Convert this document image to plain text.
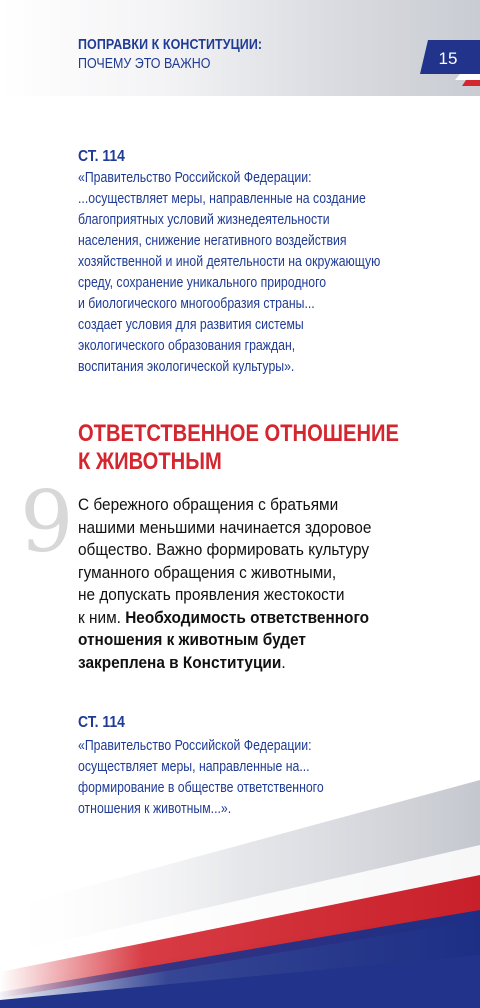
ПОПРАВКИ К КОНСТИТУЦИИ:
ПОЧЕМУ ЭТО ВАЖНО	15
СТ. 114
«Правительство Российской Федерации:
...осуществляет меры, направленные на создание
благоприятных условий жизнедеятельности
населения, снижение негативного воздействия
хозяйственной и иной деятельности на окружающую
среду, сохранение уникального природного
и биологического многообразия страны...
создает условия для развития системы
экологического образования граждан,
воспитания экологической культуры».
ОТВЕТСТВЕННОЕ ОТНОШЕНИЕ
К ЖИВОТНЫМ
9 С бережного обращения с братьями
нашими меньшими начинается здоровое
общество. Важно формировать культуру
гуманного обращения с животными,
не допускать проявления жестокости
к ним. Необходимость ответственного
отношения к животным будет
закреплена в Конституции.
СТ. 114
«Правительство Российской Федерации:
осуществляет меры, направленные на...
формирование в обществе ответственного
отношения к животным...».
